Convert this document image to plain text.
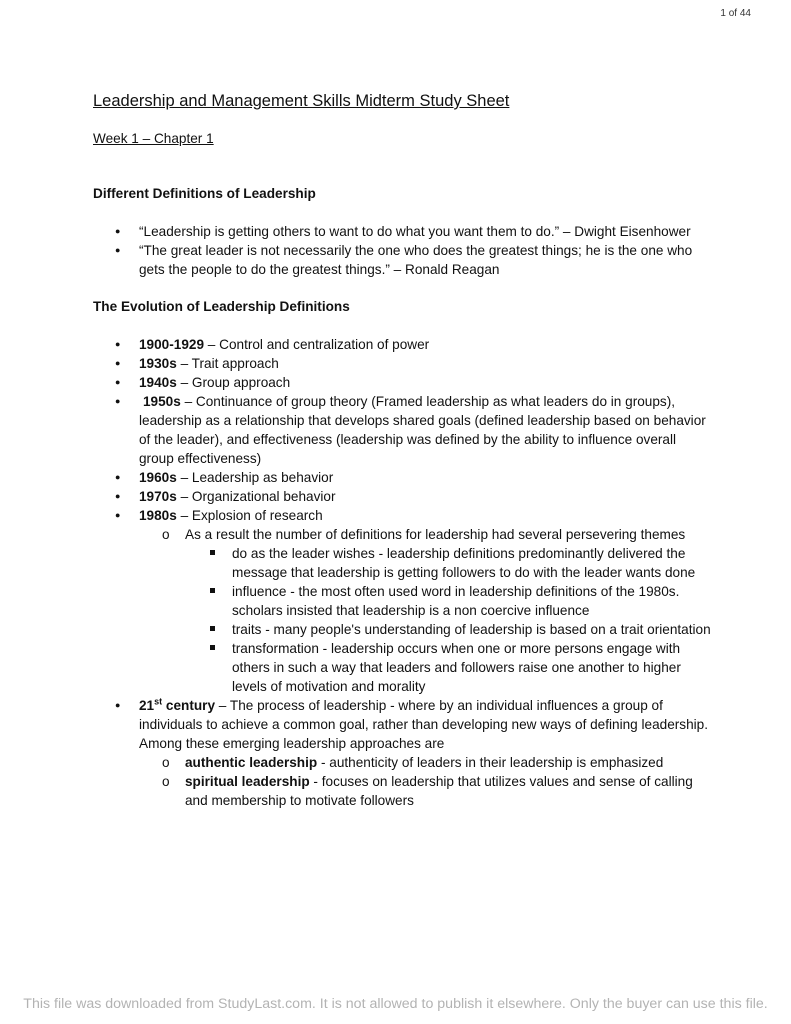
1 of 44
Leadership and Management Skills Midterm Study Sheet
Week 1 – Chapter 1
Different Definitions of Leadership
● “Leadership is getting others to want to do what you want them to do.” – Dwight Eisenhower
● “The great leader is not necessarily the one who does the greatest things; he is the one who gets the people to do the greatest things.” – Ronald Reagan
The Evolution of Leadership Definitions
● 1900-1929 – Control and centralization of power
● 1930s – Trait approach
● 1940s – Group approach
● 1950s – Continuance of group theory (Framed leadership as what leaders do in groups), leadership as a relationship that develops shared goals (defined leadership based on behavior of the leader), and effectiveness (leadership was defined by the ability to influence overall group effectiveness)
● 1960s – Leadership as behavior
● 1970s – Organizational behavior
● 1980s – Explosion of research
o As a result the number of definitions for leadership had several persevering themes
do as the leader wishes - leadership definitions predominantly delivered the message that leadership is getting followers to do with the leader wants done
influence - the most often used word in leadership definitions of the 1980s. scholars insisted that leadership is a non coercive influence
traits - many people's understanding of leadership is based on a trait orientation
transformation - leadership occurs when one or more persons engage with others in such a way that leaders and followers raise one another to higher levels of motivation and morality
● 21st century – The process of leadership - where by an individual influences a group of individuals to achieve a common goal, rather than developing new ways of defining leadership. Among these emerging leadership approaches are
o authentic leadership - authenticity of leaders in their leadership is emphasized
o spiritual leadership - focuses on leadership that utilizes values and sense of calling and membership to motivate followers
This file was downloaded from StudyLast.com. It is not allowed to publish it elsewhere. Only the buyer can use this file.
